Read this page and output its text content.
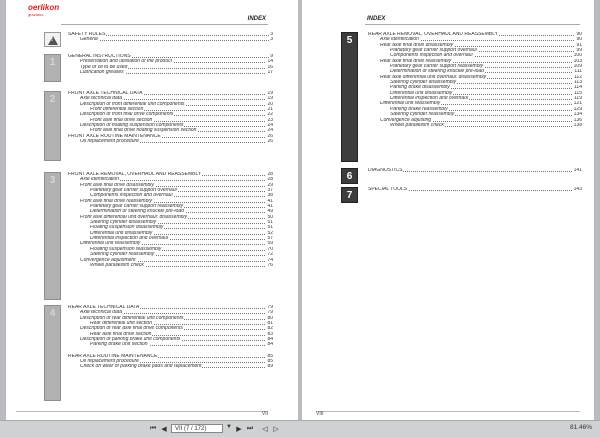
oerlikon
graziano
INDEX
!
SAFETY RULES	3
General	3
1
GENERAL INSTRUCTIONS	9
Preservation and utilisation of the product	14
Type of oil to be used	16
Lubrication greases	17
2
FRONT AXLE TECHNICAL DATA	19
Axle technical data	19
Description of front differential unit components	20
Front differential section	21
Description of front final drive components	22
Front axle final drive section	23
Description of floating suspension components	24
Front axle final drive floating suspension section	24
FRONT AXLE ROUTINE MAINTENANCE	26
Oil replacement procedure	26
3
FRONT AXLE REMOVAL, OVERHAUL AND REASSEMBLY	28
Axle identification	28
Front axle final drive disassembly	29
Planetary gear carrier support overhaul	37
Components inspection and overhaul	38
Front axle final drive reassembly	41
Planetary gear carrier support reassembly	41
Determination of steering knuckle pre-load	49
Front axle differential unit overhaul: disassembly	50
Steering cylinder disassembly	51
Floating suspension disassembly	51
Differential unit disassembly	52
Differential inspection and overhaul	57
Differential unit reassembly	59
Floating suspension reassembly	70
Steering cylinder reassembly	72
Convergence adjustment	74
Wheel parallelism check	76
4
REAR AXLE TECHNICAL DATA	79
Axle technical data	79
Description of rear differential unit components	80
Rear differential unit section	81
Description of rear axle final drive components	82
Rear axle final drive section	83
Description of parking brake unit components	84
Parking brake unit section	84
REAR AXLE ROUTINE MAINTENANCE	85
Oil replacement procedure	85
Check on wear of parking brake pads and replacement	89
VII
INDEX
5
REAR AXLE REMOVAL, OVERHAUL AND REASSEMBLY	90
Axle identification	90
Rear axle final drive disassembly	91
Planetary gear carrier support overhaul	99
Components inspection and overhaul	100
Rear axle final drive reassembly	103
Planetary gear carrier support reassembly	109
Determination of steering knuckle pre-load	111
Rear axle differential unit overhaul: disassembly	112
Steering cylinder disassembly	113
Parking brake disassembly	114
Differential unit disassembly	115
Differential inspection and overhaul	119
Differential unit reassembly	121
Parking brake reassembly	129
Steering cylinder reassembly	134
Convergence adjusting	136
Wheel parallelism check	138
6
DIAGNOSTICS	141
7
SPECIAL TOOLS	143
VIII
⏮ ◀	VII (7 / 172)	▼ ▶ ⏭	◁ ▷	81.46%
